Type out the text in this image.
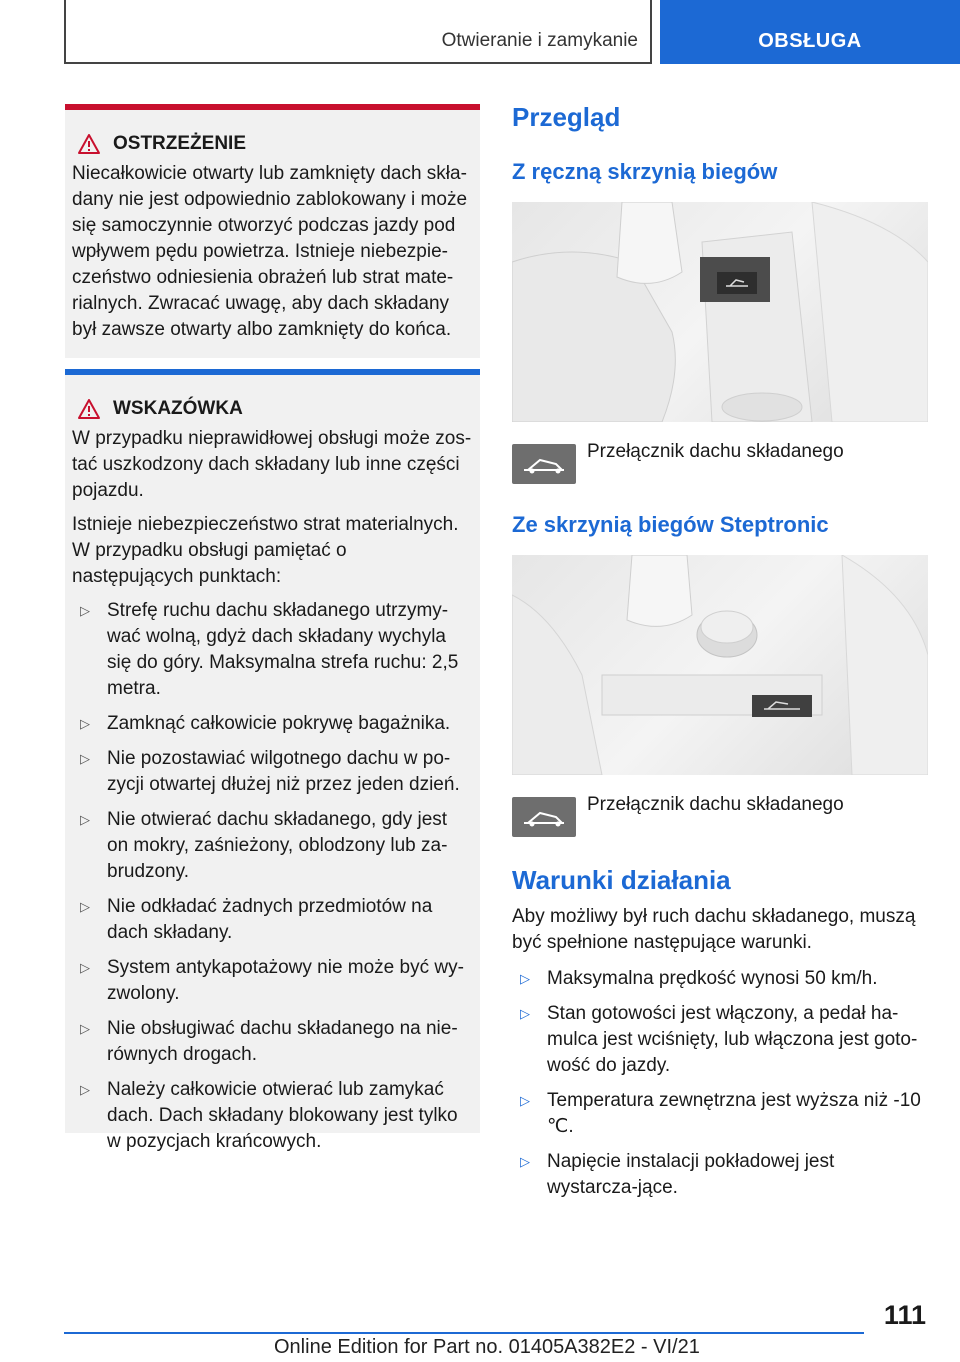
Otwieranie i zamykanie	OBSŁUGA
OSTRZEŻENIE

Niecałkowicie otwarty lub zamknięty dach skła-dany nie jest odpowiednio zablokowany i może się samoczynnie otworzyć podczas jazdy pod wpływem pędu powietrza. Istnieje niebezpie-czeństwo odniesienia obrażeń lub strat mate-rialnych. Zwracać uwagę, aby dach składany był zawsze otwarty albo zamknięty do końca.

WSKAZÓWKA

W przypadku nieprawidłowej obsługi może zos-tać uszkodzony dach składany lub inne części pojazdu.

Istnieje niebezpieczeństwo strat materialnych. W przypadku obsługi pamiętać o następujących punktach:

▷ Strefę ruchu dachu składanego utrzymy-wać wolną, gdyż dach składany wychyla się do góry. Maksymalna strefa ruchu: 2,5 metra.
▷ Zamknąć całkowicie pokrywę bagażnika.
▷ Nie pozostawiać wilgotnego dachu w po-zycji otwartej dłużej niż przez jeden dzień.
▷ Nie otwierać dachu składanego, gdy jest on mokry, zaśnieżony, oblodzony lub za-brudzony.
▷ Nie odkładać żadnych przedmiotów na dach składany.
▷ System antykapotażowy nie może być wy-zwolony.
▷ Nie obsługiwać dachu składanego na nie-równych drogach.
▷ Należy całkowicie otwierać lub zamykać dach. Dach składany blokowany jest tylko w pozycjach krańcowych.
Przegląd
Z ręczną skrzynią biegów
Przełącznik dachu składanego
Ze skrzynią biegów Steptronic
Przełącznik dachu składanego
Warunki działania

Aby możliwy był ruch dachu składanego, muszą być spełnione następujące warunki.

▷ Maksymalna prędkość wynosi 50 km/h.
▷ Stan gotowości jest włączony, a pedał ha-mulca jest wciśnięty, lub włączona jest goto-wość do jazdy.
▷ Temperatura zewnętrzna jest wyższa niż -10 ℃.
▷ Napięcie instalacji pokładowej jest wystarcza-jące.
111
Online Edition for Part no. 01405A382E2 - VI/21
